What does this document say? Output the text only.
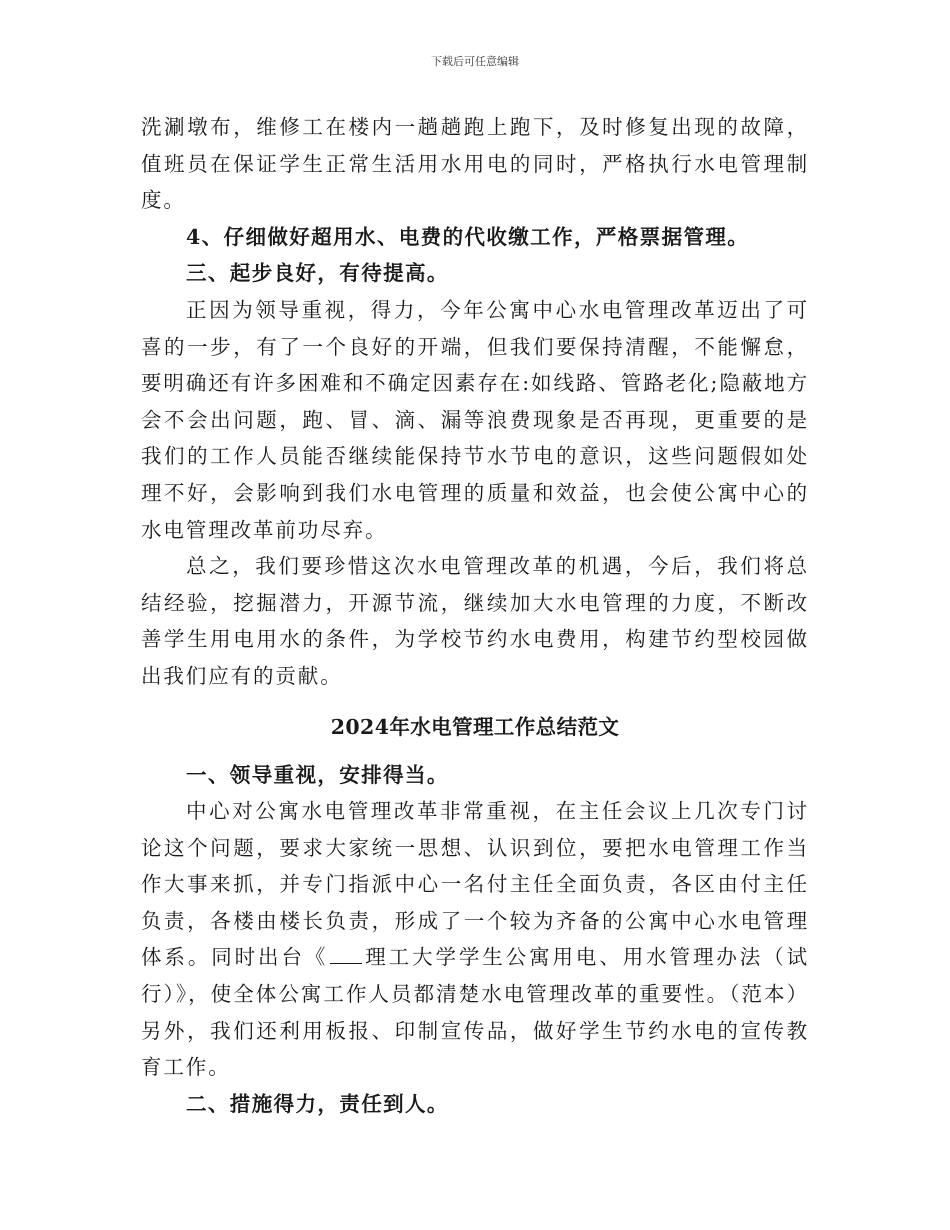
下载后可任意编辑

洗涮墩布，维修工在楼内一趟趟跑上跑下，及时修复出现的故障，值班员在保证学生正常生活用水用电的同时，严格执行水电管理制度。

4、仔细做好超用水、电费的代收缴工作，严格票据管理。

三、起步良好，有待提高。

正因为领导重视，得力，今年公寓中心水电管理改革迈出了可喜的一步，有了一个良好的开端，但我们要保持清醒，不能懈怠，要明确还有许多困难和不确定因素存在:如线路、管路老化;隐蔽地方会不会出问题，跑、冒、滴、漏等浪费现象是否再现，更重要的是我们的工作人员能否继续能保持节水节电的意识，这些问题假如处理不好，会影响到我们水电管理的质量和效益，也会使公寓中心的水电管理改革前功尽弃。

总之，我们要珍惜这次水电管理改革的机遇，今后，我们将总结经验，挖掘潜力，开源节流，继续加大水电管理的力度，不断改善学生用电用水的条件，为学校节约水电费用，构建节约型校园做出我们应有的贡献。

2024年水电管理工作总结范文

一、领导重视，安排得当。

中心对公寓水电管理改革非常重视，在主任会议上几次专门讨论这个问题，要求大家统一思想、认识到位，要把水电管理工作当作大事来抓，并专门指派中心一名付主任全面负责，各区由付主任负责，各楼由楼长负责，形成了一个较为齐备的公寓中心水电管理体系。同时出台《 理工大学学生公寓用电、用水管理办法（试行）》，使全体公寓工作人员都清楚水电管理改革的重要性。（范本）另外，我们还利用板报、印制宣传品，做好学生节约水电的宣传教育工作。

二、措施得力，责任到人。
